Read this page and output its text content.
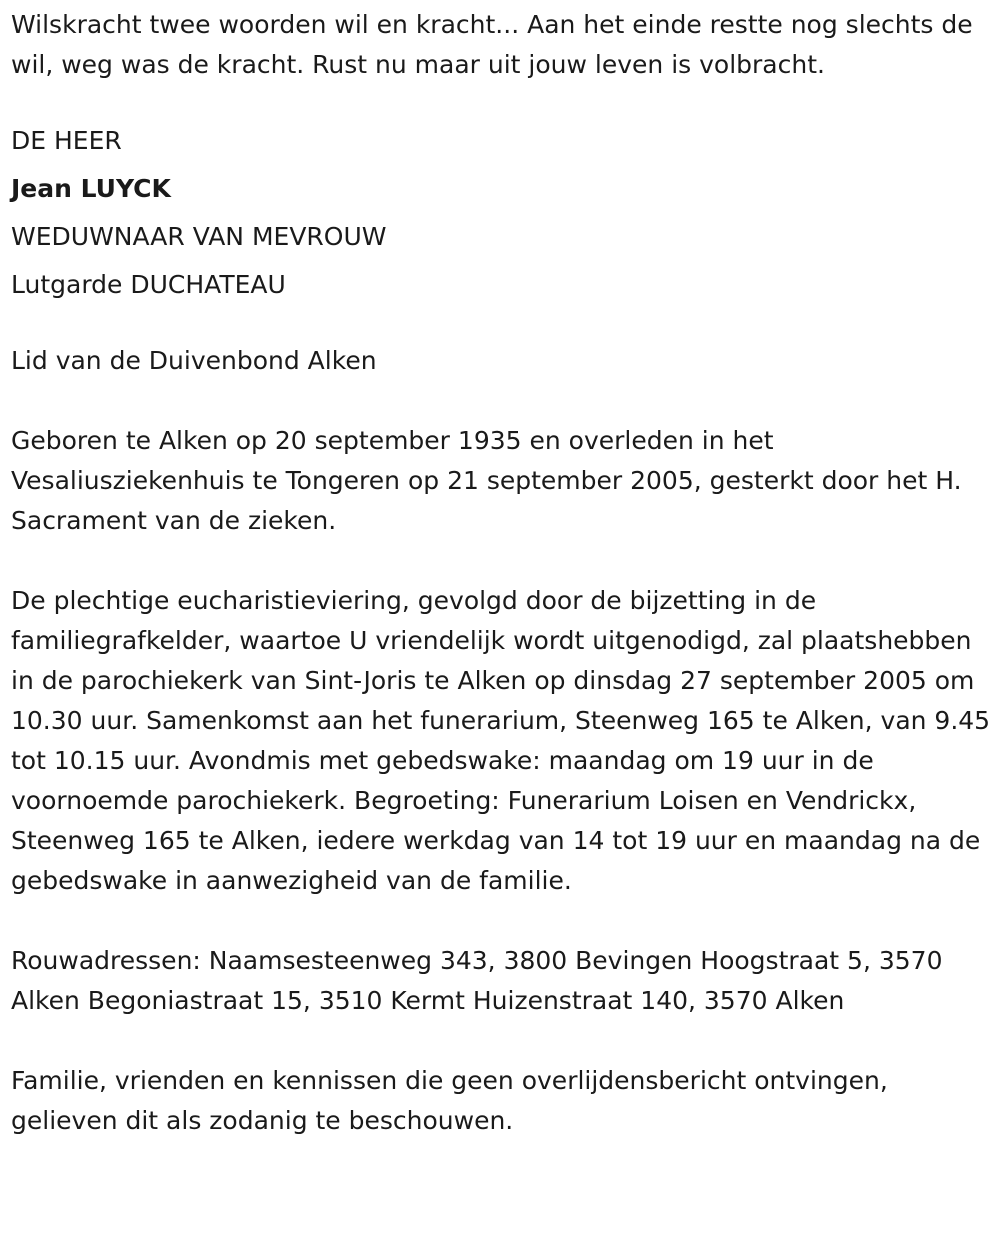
Wilskracht twee woorden wil en kracht... Aan het einde restte nog slechts de wil, weg was de kracht. Rust nu maar uit jouw leven is volbracht.

DE HEER

Jean LUYCK

WEDUWNAAR VAN MEVROUW

Lutgarde DUCHATEAU

Lid van de Duivenbond Alken

Geboren te Alken op 20 september 1935 en overleden in het Vesaliusziekenhuis te Tongeren op 21 september 2005, gesterkt door het H. Sacrament van de zieken.

De plechtige eucharistieviering, gevolgd door de bijzetting in de familiegrafkelder, waartoe U vriendelijk wordt uitgenodigd, zal plaatshebben in de parochiekerk van Sint-Joris te Alken op dinsdag 27 september 2005 om 10.30 uur. Samenkomst aan het funerarium, Steenweg 165 te Alken, van 9.45 tot 10.15 uur. Avondmis met gebedswake: maandag om 19 uur in de voornoemde parochiekerk. Begroeting: Funerarium Loisen en Vendrickx, Steenweg 165 te Alken, iedere werkdag van 14 tot 19 uur en maandag na de gebedswake in aanwezigheid van de familie.

Rouwadressen: Naamsesteenweg 343, 3800 Bevingen Hoogstraat 5, 3570 Alken Begoniastraat 15, 3510 Kermt Huizenstraat 140, 3570 Alken

Familie, vrienden en kennissen die geen overlijdensbericht ontvingen, gelieven dit als zodanig te beschouwen.
